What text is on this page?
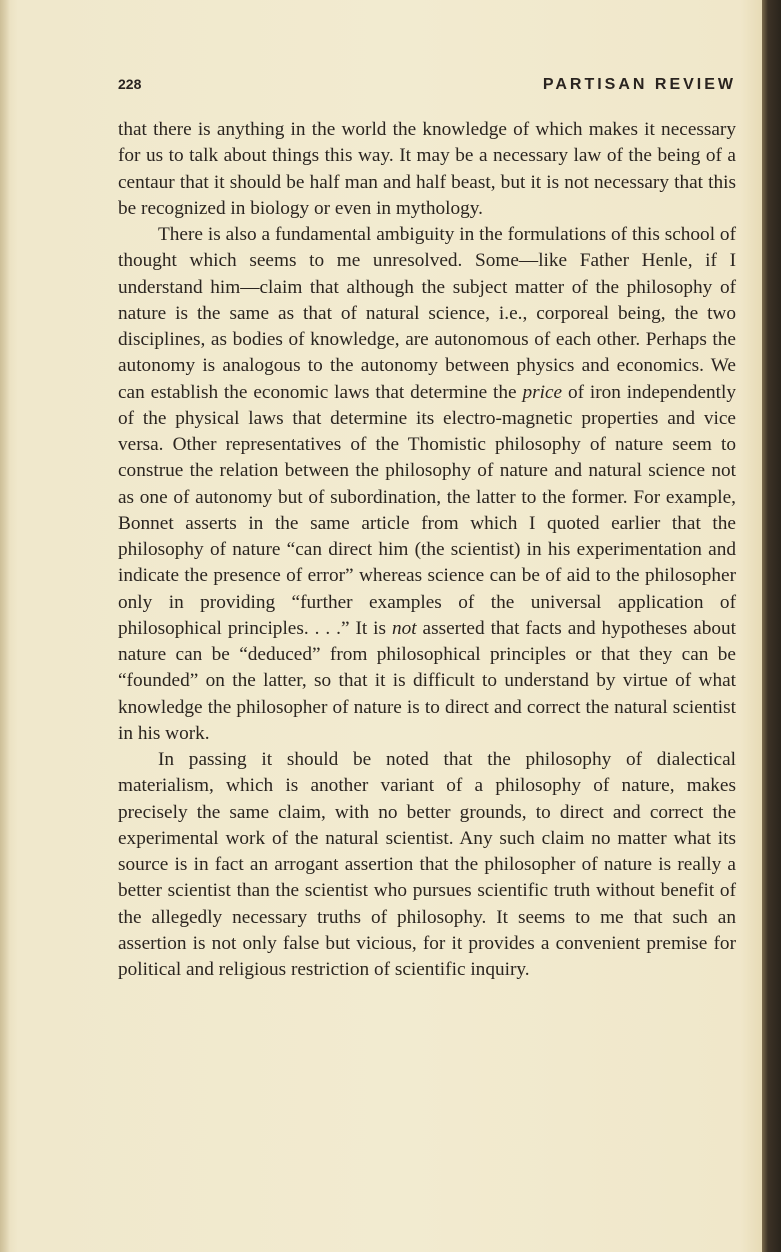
228	PARTISAN REVIEW

that there is anything in the world the knowledge of which makes it necessary for us to talk about things this way. It may be a necessary law of the being of a centaur that it should be half man and half beast, but it is not necessary that this be recognized in biology or even in mythology.

There is also a fundamental ambiguity in the formulations of this school of thought which seems to me unresolved. Some—like Father Henle, if I understand him—claim that although the subject matter of the philosophy of nature is the same as that of natural science, i.e., corporeal being, the two disciplines, as bodies of knowledge, are autonomous of each other. Perhaps the autonomy is analogous to the autonomy between physics and economics. We can establish the economic laws that determine the price of iron independently of the physical laws that determine its electro-magnetic properties and vice versa. Other representatives of the Thomistic philosophy of nature seem to construe the relation between the philosophy of nature and natural science not as one of autonomy but of subordination, the latter to the former. For example, Bonnet asserts in the same article from which I quoted earlier that the philosophy of nature “can direct him (the scientist) in his experimentation and indicate the presence of error” whereas science can be of aid to the philosopher only in providing “further examples of the universal application of philosophical principles. . . .” It is not asserted that facts and hypotheses about nature can be “deduced” from philosophical principles or that they can be “founded” on the latter, so that it is difficult to understand by virtue of what knowledge the philosopher of nature is to direct and correct the natural scientist in his work.

In passing it should be noted that the philosophy of dialectical materialism, which is another variant of a philosophy of nature, makes precisely the same claim, with no better grounds, to direct and correct the experimental work of the natural scientist. Any such claim no matter what its source is in fact an arrogant assertion that the philosopher of nature is really a better scientist than the scientist who pursues scientific truth without benefit of the allegedly necessary truths of philosophy. It seems to me that such an assertion is not only false but vicious, for it provides a convenient premise for political and religious restriction of scientific inquiry.
